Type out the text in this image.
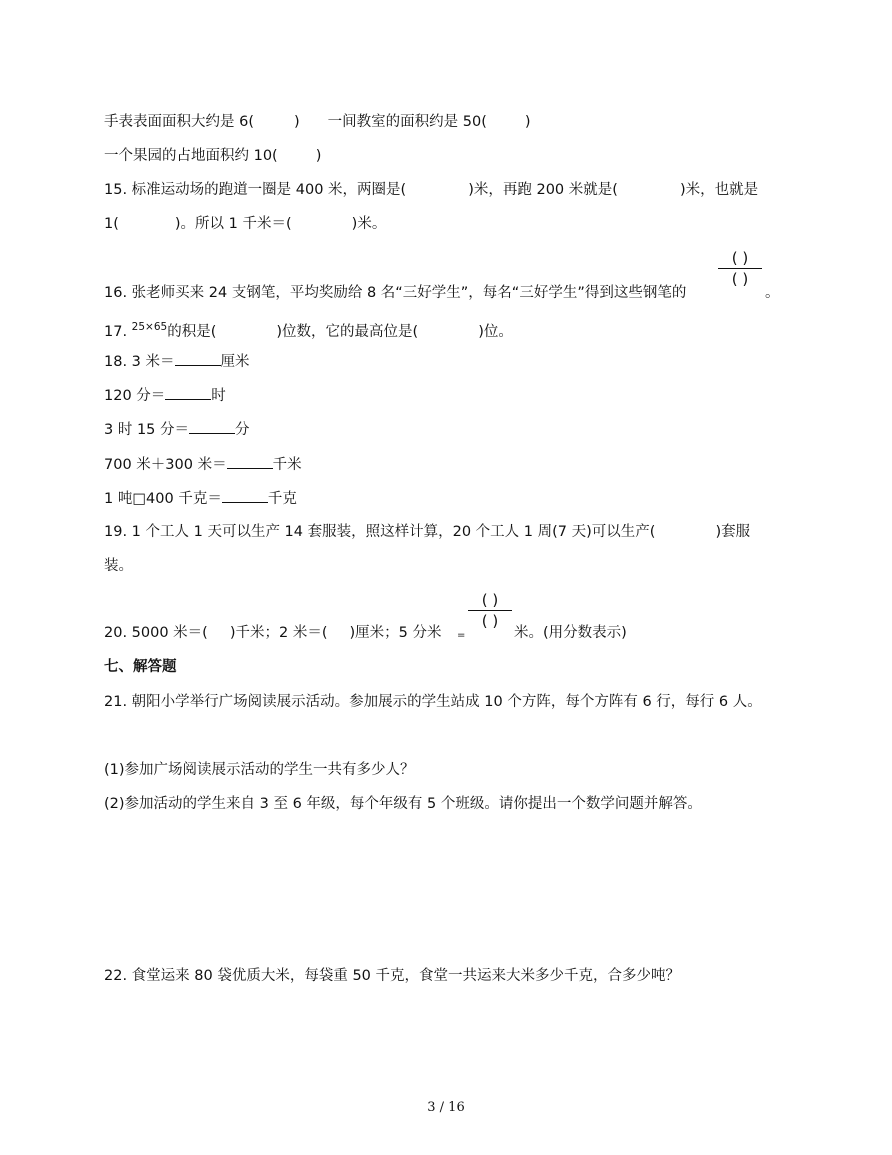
手表表面面积大约是 6(	) 一间教室的面积约是 50(	)
一个果园的占地面积约 10(	)
15. 标准运动场的跑道一圈是 400 米，两圈是(	)米，再跑 200 米就是(	)米，也就是
1(	)。所以 1 千米＝(	)米。
16. 张老师买来 24 支钢笔，平均奖励给 8 名“三好学生”，每名“三好学生”得到这些钢笔的
( )
( )
。
17. $^{25\times 65}$的积是(	)位数，它的最高位是(	)位。
18. 3 米＝	厘米
120 分＝	时
3 时 15 分＝	分
700 米＋300 米＝	千米
1 吨□400 千克＝	千克
19. 1 个工人 1 天可以生产 14 套服装，照这样计算，20 个工人 1 周(7 天)可以生产(	)套服
装。
20. 5000 米＝( )千米；2 米＝( )厘米；5 分米 =
( )
( )
米。(用分数表示)
七、解答题
21. 朝阳小学举行广场阅读展示活动。参加展示的学生站成 10 个方阵，每个方阵有 6 行，每行 6 人。
(1)参加广场阅读展示活动的学生一共有多少人？
(2)参加活动的学生来自 3 至 6 年级，每个年级有 5 个班级。请你提出一个数学问题并解答。
22. 食堂运来 80 袋优质大米，每袋重 50 千克，食堂一共运来大米多少千克，合多少吨？
3 / 16
